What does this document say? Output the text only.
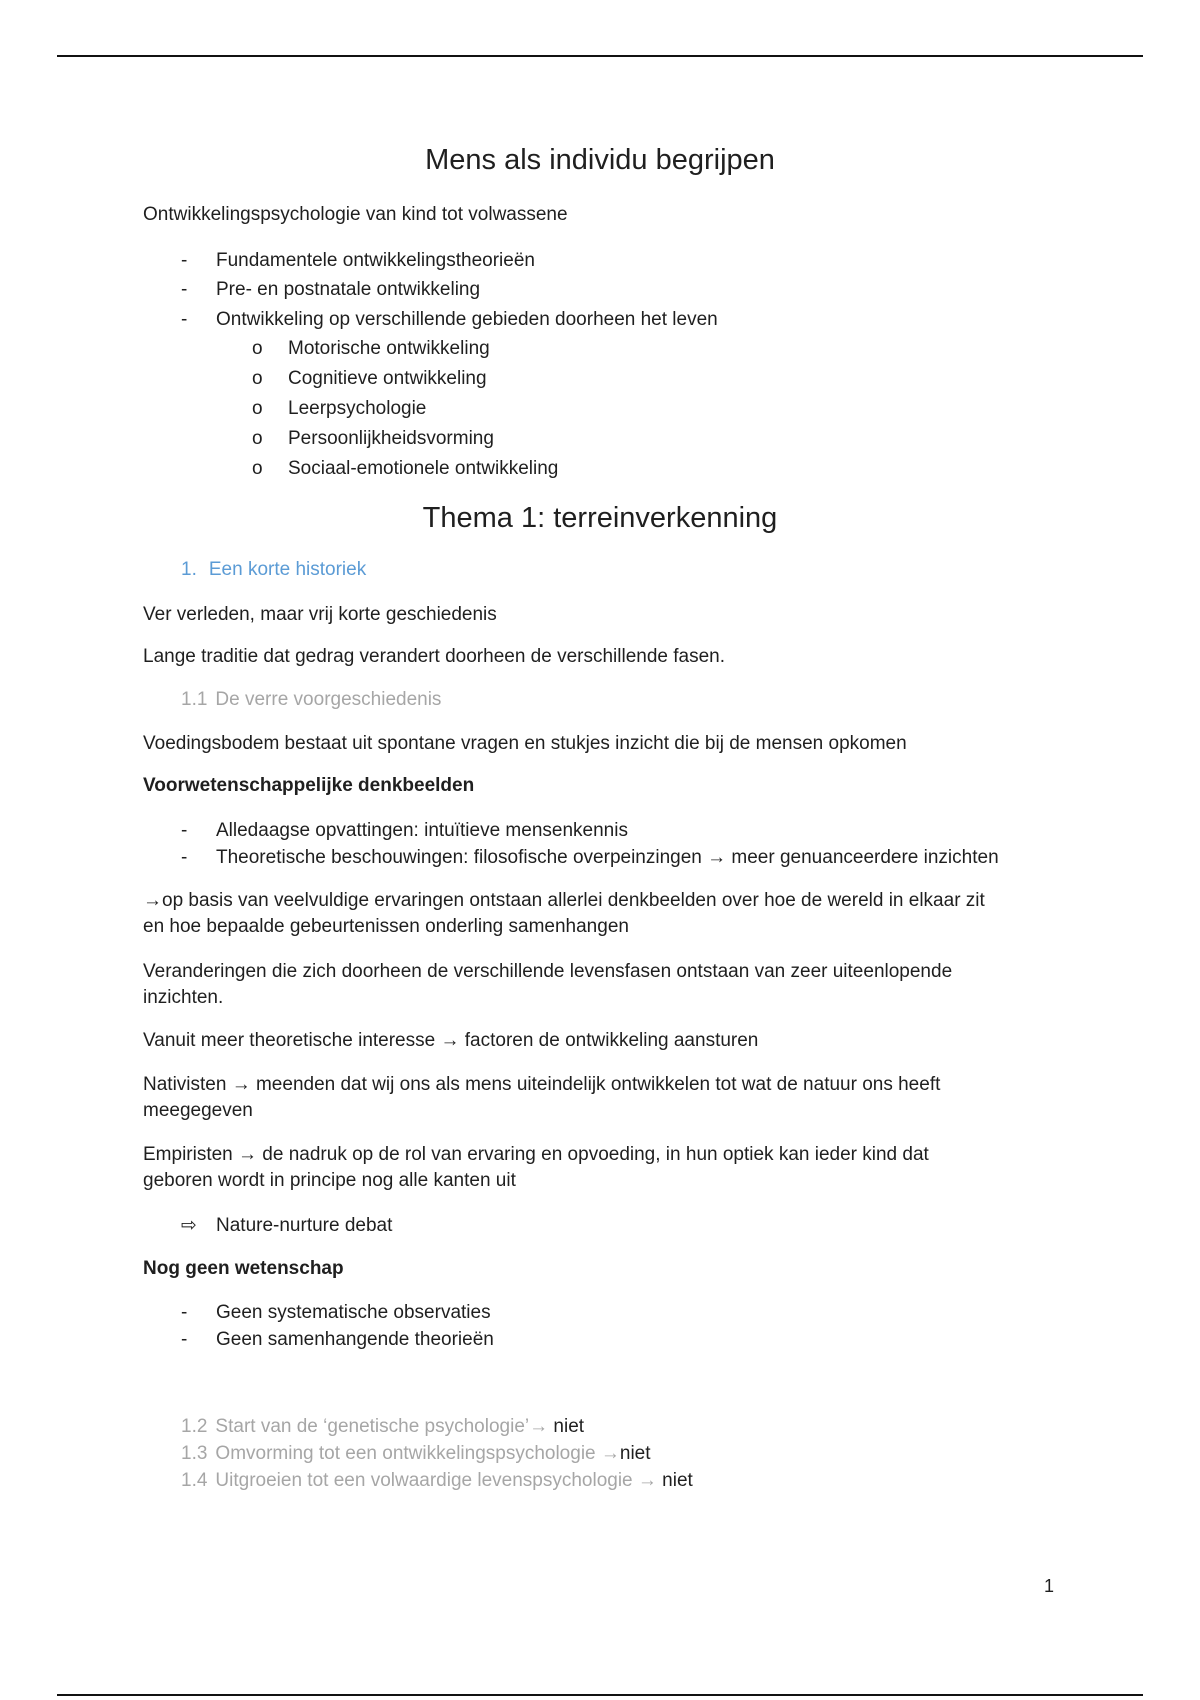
Mens als individu begrijpen
Ontwikkelingspsychologie van kind tot volwassene
-	Fundamentele ontwikkelingstheorieën
-	Pre- en postnatale ontwikkeling
-	Ontwikkeling op verschillende gebieden doorheen het leven
o Motorische ontwikkeling
o Cognitieve ontwikkeling
o Leerpsychologie
o Persoonlijkheidsvorming
o Sociaal-emotionele ontwikkeling
Thema 1: terreinverkenning
1. Een korte historiek
Ver verleden, maar vrij korte geschiedenis
Lange traditie dat gedrag verandert doorheen de verschillende fasen.
1.1 De verre voorgeschiedenis
Voedingsbodem bestaat uit spontane vragen en stukjes inzicht die bij de mensen opkomen
Voorwetenschappelijke denkbeelden
-	Alledaagse opvattingen: intuïtieve mensenkennis
-	Theoretische beschouwingen: filosofische overpeinzingen → meer genuanceerdere inzichten
→op basis van veelvuldige ervaringen ontstaan allerlei denkbeelden over hoe de wereld in elkaar zit
en hoe bepaalde gebeurtenissen onderling samenhangen
Veranderingen die zich doorheen de verschillende levensfasen ontstaan van zeer uiteenlopende
inzichten.
Vanuit meer theoretische interesse → factoren de ontwikkeling aansturen
Nativisten → meenden dat wij ons als mens uiteindelijk ontwikkelen tot wat de natuur ons heeft
meegegeven
Empiristen → de nadruk op de rol van ervaring en opvoeding, in hun optiek kan ieder kind dat
geboren wordt in principe nog alle kanten uit
⇨ Nature-nurture debat
Nog geen wetenschap
-	Geen systematische observaties
-	Geen samenhangende theorieën
1.2 Start van de ‘genetische psychologie’→ niet
1.3 Omvorming tot een ontwikkelingspsychologie →niet
1.4 Uitgroeien tot een volwaardige levenspsychologie → niet
1
